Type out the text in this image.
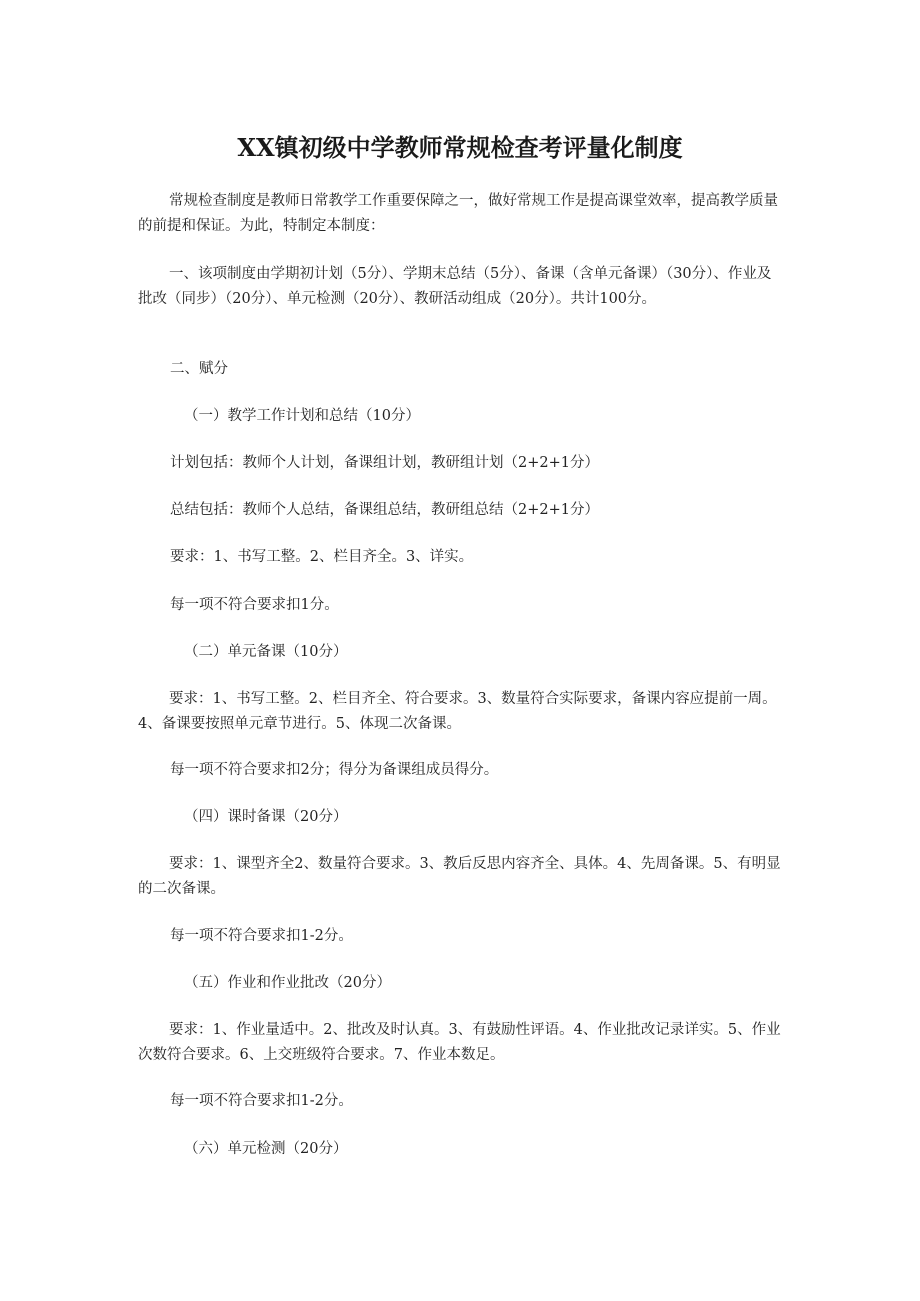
XX镇初级中学教师常规检查考评量化制度

常规检查制度是教师日常教学工作重要保障之一，做好常规工作是提高课堂效率，提高教学质量的前提和保证。为此，特制定本制度：

一、该项制度由学期初计划（5分）、学期末总结（5分）、备课（含单元备课）（30分）、作业及批改（同步）（20分）、单元检测（20分）、教研活动组成（20分）。共计100分。

二、赋分

（一）教学工作计划和总结（10分）

计划包括：教师个人计划，备课组计划，教研组计划（2+2+1分）

总结包括：教师个人总结，备课组总结，教研组总结（2+2+1分）

要求：1、书写工整。2、栏目齐全。3、详实。

每一项不符合要求扣1分。

（二）单元备课（10分）

要求：1、书写工整。2、栏目齐全、符合要求。3、数量符合实际要求，备课内容应提前一周。4、备课要按照单元章节进行。5、体现二次备课。

每一项不符合要求扣2分；得分为备课组成员得分。

（四）课时备课（20分）

要求：1、课型齐全2、数量符合要求。3、教后反思内容齐全、具体。4、先周备课。5、有明显的二次备课。

每一项不符合要求扣1-2分。

（五）作业和作业批改（20分）

要求：1、作业量适中。2、批改及时认真。3、有鼓励性评语。4、作业批改记录详实。5、作业次数符合要求。6、上交班级符合要求。7、作业本数足。

每一项不符合要求扣1-2分。

（六）单元检测（20分）
